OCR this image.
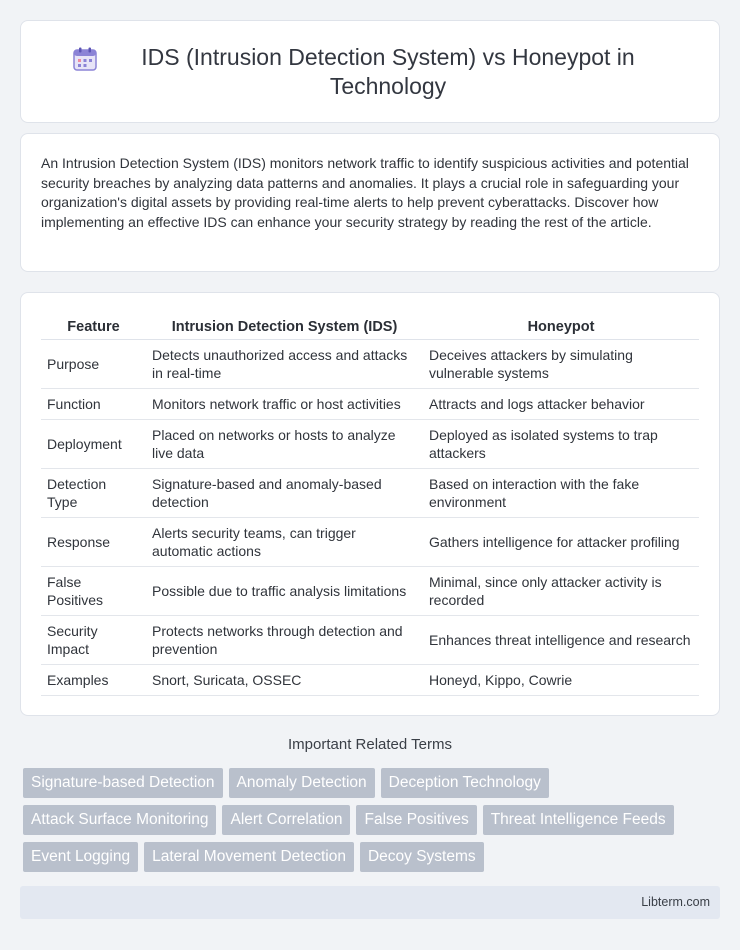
IDS (Intrusion Detection System) vs Honeypot in Technology

An Intrusion Detection System (IDS) monitors network traffic to identify suspicious activities and potential security breaches by analyzing data patterns and anomalies. It plays a crucial role in safeguarding your organization's digital assets by providing real-time alerts to help prevent cyberattacks. Discover how implementing an effective IDS can enhance your security strategy by reading the rest of the article.

Feature	Intrusion Detection System (IDS)	Honeypot
Purpose	Detects unauthorized access and attacks in real-time	Deceives attackers by simulating vulnerable systems
Function	Monitors network traffic or host activities	Attracts and logs attacker behavior
Deployment	Placed on networks or hosts to analyze live data	Deployed as isolated systems to trap attackers
Detection Type	Signature-based and anomaly-based detection	Based on interaction with the fake environment
Response	Alerts security teams, can trigger automatic actions	Gathers intelligence for attacker profiling
False Positives	Possible due to traffic analysis limitations	Minimal, since only attacker activity is recorded
Security Impact	Protects networks through detection and prevention	Enhances threat intelligence and research
Examples	Snort, Suricata, OSSEC	Honeyd, Kippo, Cowrie
Important Related Terms
Signature-based Detection	Anomaly Detection	Deception Technology
Attack Surface Monitoring	Alert Correlation	False Positives	Threat Intelligence Feeds
Event Logging	Lateral Movement Detection	Decoy Systems
Libterm.com
